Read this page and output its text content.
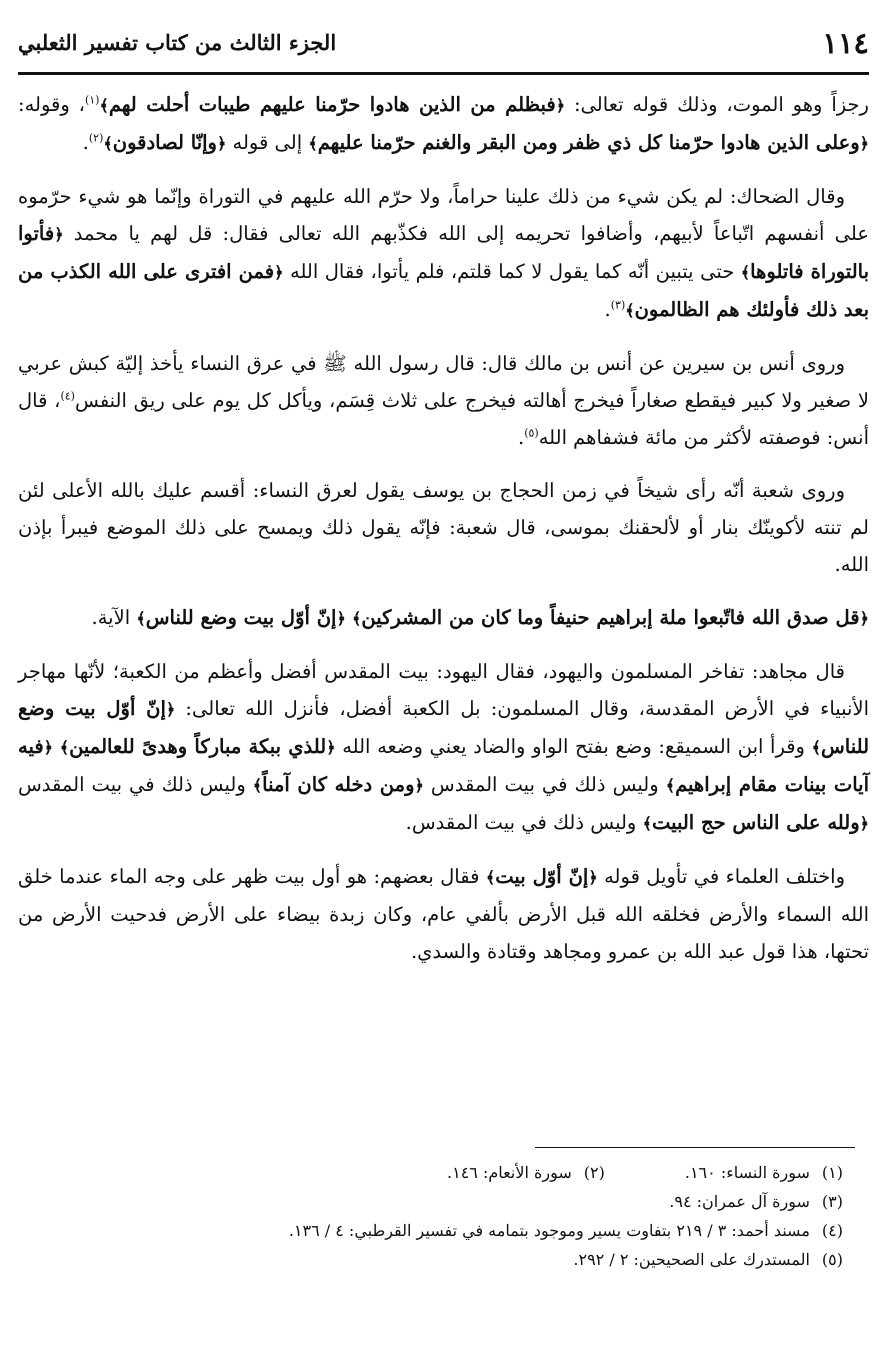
١١٤
الجزء الثالث من كتاب تفسير الثعلبي

رجزاً وهو الموت، وذلك قوله تعالى: ﴿فبظلم من الذين هادوا حرّمنا عليهم طيبات أحلت لهم﴾$^{(١)}$، وقوله: ﴿وعلى الذين هادوا حرّمنا كل ذي ظفر ومن البقر والغنم حرّمنا عليهم﴾ إلى قوله ﴿وإنّا لصادقون﴾$^{(٢)}$.

وقال الضحاك: لم يكن شيء من ذلك علينا حراماً، ولا حرّم الله عليهم في التوراة وإنّما هو شيء حرّموه على أنفسهم اتّباعاً لأبيهم، وأضافوا تحريمه إلى الله فكذّبهم الله تعالى فقال: قل لهم يا محمد ﴿فأتوا بالتوراة فاتلوها﴾ حتى يتبين أنّه كما يقول لا كما قلتم، فلم يأتوا، فقال الله ﴿فمن افترى على الله الكذب من بعد ذلك فأولئك هم الظالمون﴾$^{(٣)}$.

وروى أنس بن سيرين عن أنس بن مالك قال: قال رسول الله ﷺ في عرق النساء يأخذ إليّة كبش عربي لا صغير ولا كبير فيقطع صغاراً فيخرج أهالته فيخرج على ثلاث قِسَم، ويأكل كل يوم على ريق النفس$^{(٤)}$، قال أنس: فوصفته لأكثر من مائة فشفاهم الله$^{(٥)}$.

وروى شعبة أنّه رأى شيخاً في زمن الحجاج بن يوسف يقول لعرق النساء: أقسم عليك بالله الأعلى لئن لم تنته لأكوينّك بنار أو لألحقنك بموسى، قال شعبة: فإنّه يقول ذلك ويمسح على ذلك الموضع فيبرأ بإذن الله.

﴿قل صدق الله فاتّبعوا ملة إبراهيم حنيفاً وما كان من المشركين﴾ ﴿إنّ أوّل بيت وضع للناس﴾ الآية.

قال مجاهد: تفاخر المسلمون واليهود، فقال اليهود: بيت المقدس أفضل وأعظم من الكعبة؛ لأنّها مهاجر الأنبياء في الأرض المقدسة، وقال المسلمون: بل الكعبة أفضل، فأنزل الله تعالى: ﴿إنّ أوّل بيت وضع للناس﴾ وقرأ ابن السميقع: وضع بفتح الواو والضاد يعني وضعه الله ﴿للذي ببكة مباركاً وهدىً للعالمين﴾ ﴿فيه آيات بينات مقام إبراهيم﴾ وليس ذلك في بيت المقدس ﴿ومن دخله كان آمناً﴾ وليس ذلك في بيت المقدس ﴿ولله على الناس حج البيت﴾ وليس ذلك في بيت المقدس.

واختلف العلماء في تأويل قوله ﴿إنّ أوّل بيت﴾ فقال بعضهم: هو أول بيت ظهر على وجه الماء عندما خلق الله السماء والأرض فخلقه الله قبل الأرض بألفي عام، وكان زبدة بيضاء على الأرض فدحيت الأرض من تحتها، هذا قول عبد الله بن عمرو ومجاهد وقتادة والسدي.

(١)سورة النساء: ١٦٠.
(٢)سورة الأنعام: ١٤٦.
(٣)سورة آل عمران: ٩٤.
(٤)مسند أحمد: ٣ / ٢١٩ بتفاوت يسير وموجود بتمامه في تفسير القرطبي: ٤ / ١٣٦.
(٥)المستدرك على الصحيحين: ٢ / ٢٩٢.
